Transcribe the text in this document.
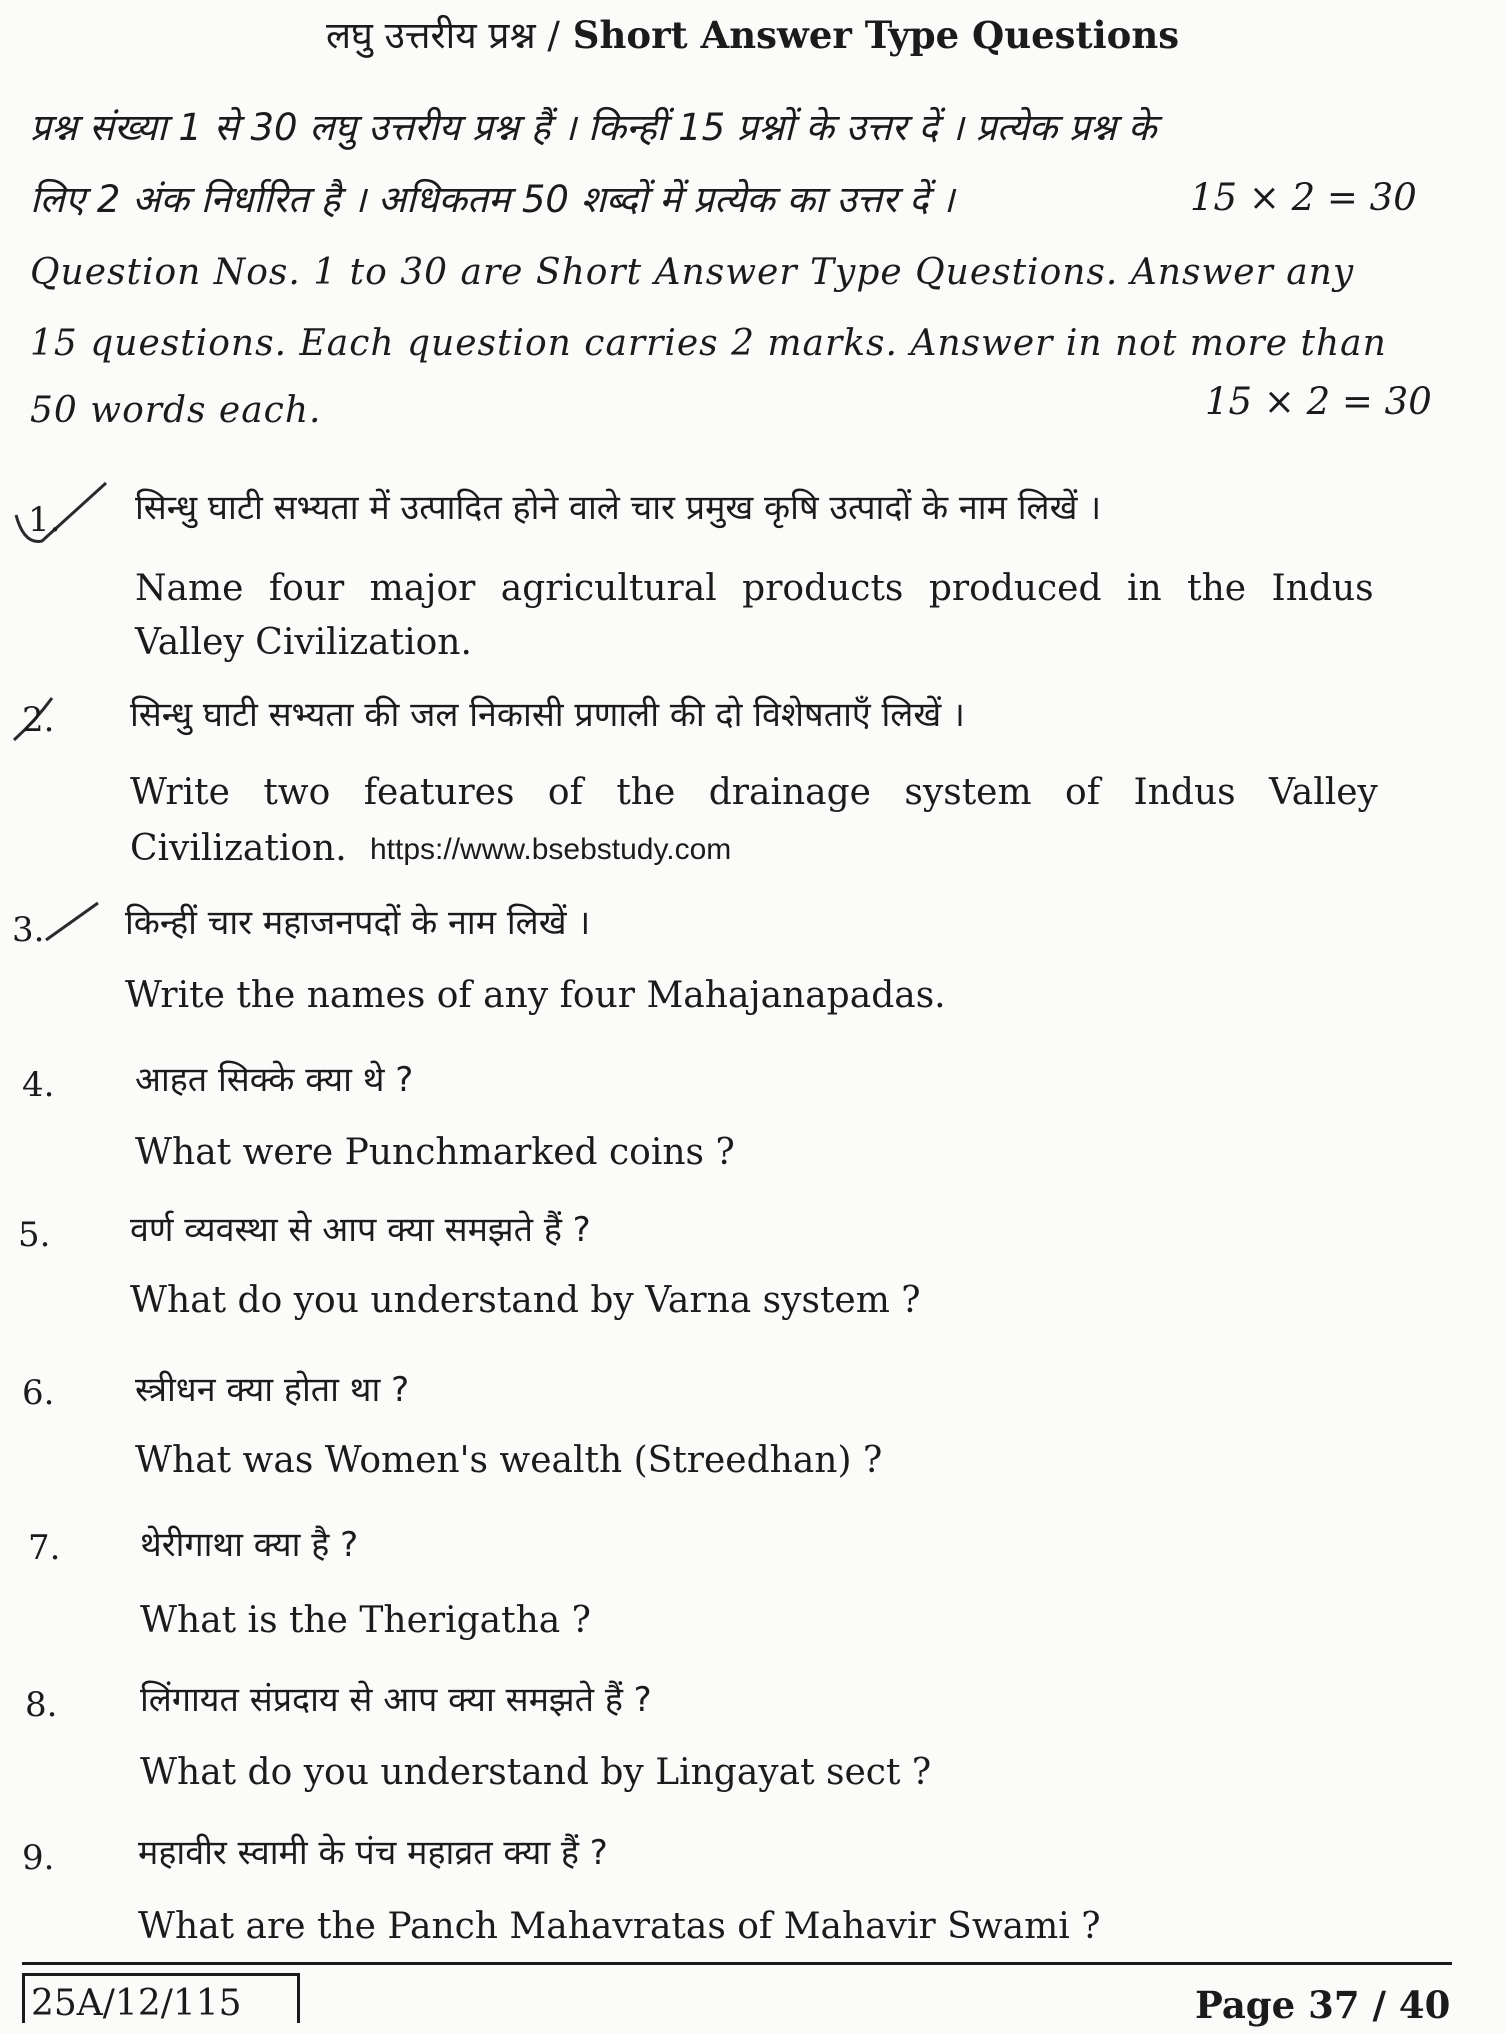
लघु उत्तरीय प्रश्न / Short Answer Type Questions
प्रश्न संख्या 1 से 30 लघु उत्तरीय प्रश्न हैं । किन्हीं 15 प्रश्नों के उत्तर दें । प्रत्येक प्रश्न के
लिए 2 अंक निर्धारित है । अधिकतम 50 शब्दों में प्रत्येक का उत्तर दें ।	15 × 2 = 30
Question Nos. 1 to 30 are Short Answer Type Questions. Answer any
15 questions. Each question carries 2 marks. Answer in not more than
50 words each.	15 × 2 = 30
1. सिन्धु घाटी सभ्यता में उत्पादित होने वाले चार प्रमुख कृषि उत्पादों के नाम लिखें ।
Name four major agricultural products produced in the Indus
Valley Civilization.
2. सिन्धु घाटी सभ्यता की जल निकासी प्रणाली की दो विशेषताएँ लिखें ।
Write two features of the drainage system of Indus Valley
Civilization. https://www.bsebstudy.com
3. किन्हीं चार महाजनपदों के नाम लिखें ।
Write the names of any four Mahajanapadas.
4. आहत सिक्के क्या थे ?
What were Punchmarked coins ?
5. वर्ण व्यवस्था से आप क्या समझते हैं ?
What do you understand by Varna system ?
6. स्त्रीधन क्या होता था ?
What was Women's wealth (Streedhan) ?
7. थेरीगाथा क्या है ?
What is the Therigatha ?
8. लिंगायत संप्रदाय से आप क्या समझते हैं ?
What do you understand by Lingayat sect ?
9. महावीर स्वामी के पंच महाव्रत क्या हैं ?
What are the Panch Mahavratas of Mahavir Swami ?
25A/12/115	Page 37 / 40
